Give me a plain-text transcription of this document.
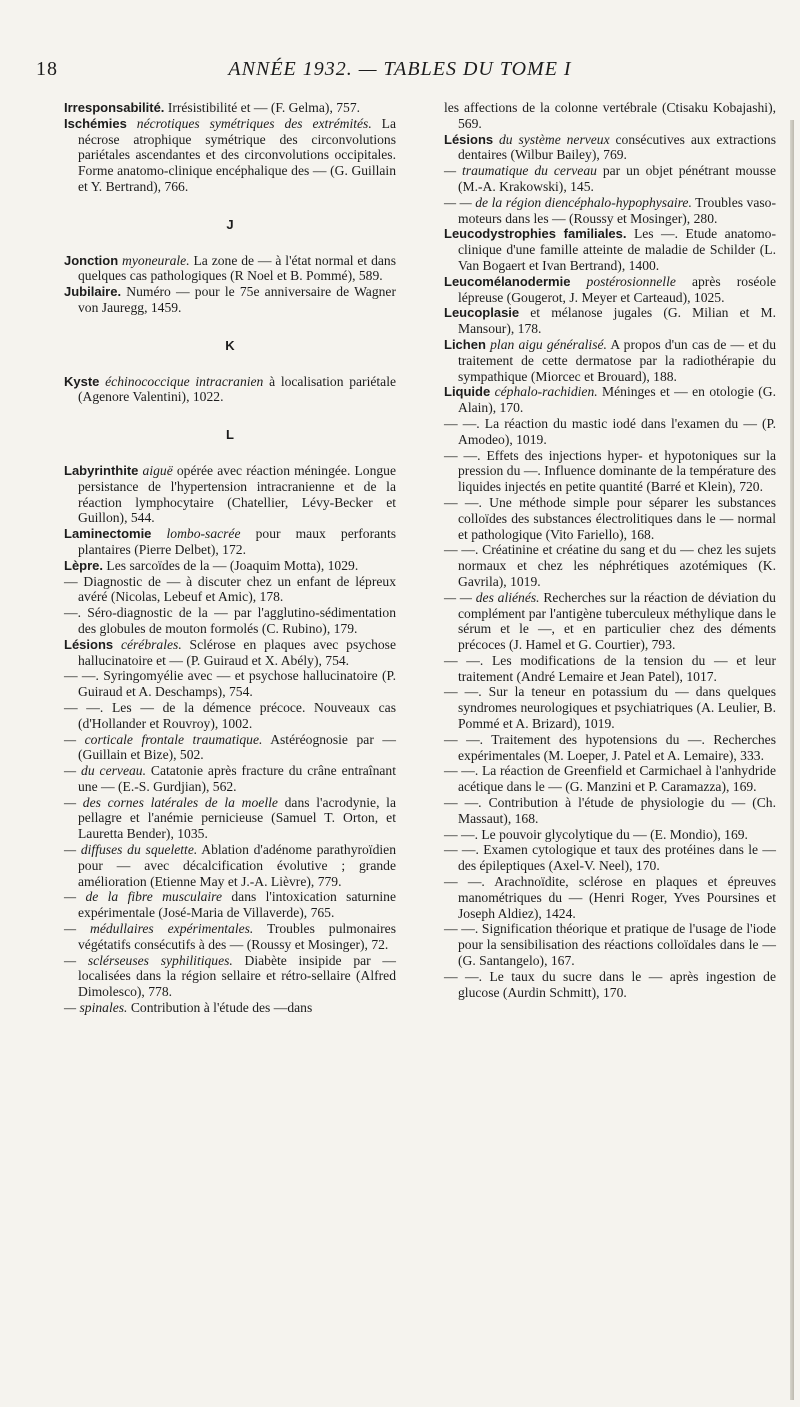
18	ANNÉE 1932. — TABLES DU TOME I

Irresponsabilité. Irrésistibilité et — (F. Gelma), 757.

Ischémies nécrotiques symétriques des extrémités. La nécrose atrophique symétrique des circonvolutions pariétales ascendantes et des circonvolutions occipitales. Forme anatomo-clinique encéphalique des — (G. Guillain et Y. Bertrand), 766.

J

Jonction myoneurale. La zone de — à l'état normal et dans quelques cas pathologiques (R Noel et B. Pommé), 589.

Jubilaire. Numéro — pour le 75e anniversaire de Wagner von Jauregg, 1459.

K

Kyste échinococcique intracranien à localisation pariétale (Agenore Valentini), 1022.

L

Labyrinthite aiguë opérée avec réaction méningée. Longue persistance de l'hypertension intracranienne et de la réaction lymphocytaire (Chatellier, Lévy-Becker et Guillon), 544.

Laminectomie lombo-sacrée pour maux perforants plantaires (Pierre Delbet), 172.

Lèpre. Les sarcoïdes de la — (Joaquim Motta), 1029.

— Diagnostic de — à discuter chez un enfant de lépreux avéré (Nicolas, Lebeuf et Amic), 178.

—. Séro-diagnostic de la — par l'agglutino-sédimentation des globules de mouton formolés (C. Rubino), 179.

Lésions cérébrales. Sclérose en plaques avec psychose hallucinatoire et — (P. Guiraud et X. Abély), 754.

— —. Syringomyélie avec — et psychose hallucinatoire (P. Guiraud et A. Deschamps), 754.

— —. Les — de la démence précoce. Nouveaux cas (d'Hollander et Rouvroy), 1002.

— corticale frontale traumatique. Astéréognosie par — (Guillain et Bize), 502.

— du cerveau. Catatonie après fracture du crâne entraînant une — (E.-S. Gurdjian), 562.

— des cornes latérales de la moelle dans l'acrodynie, la pellagre et l'anémie pernicieuse (Samuel T. Orton, et Lauretta Bender), 1035.

— diffuses du squelette. Ablation d'adénome parathyroïdien pour — avec décalcification évolutive ; grande amélioration (Etienne May et J.-A. Lièvre), 779.

— de la fibre musculaire dans l'intoxication saturnine expérimentale (José-Maria de Villaverde), 765.

— médullaires expérimentales. Troubles pulmonaires végétatifs consécutifs à des — (Roussy et Mosinger), 72.

— sclérseuses syphilitiques. Diabète insipide par — localisées dans la région sellaire et rétro-sellaire (Alfred Dimolesco), 778.

— spinales. Contribution à l'étude des —dans

les affections de la colonne vertébrale (Ctisaku Kobajashi), 569.

Lésions du système nerveux consécutives aux extractions dentaires (Wilbur Bailey), 769.

— traumatique du cerveau par un objet pénétrant mousse (M.-A. Krakowski), 145.

— — de la région diencéphalo-hypophysaire. Troubles vaso-moteurs dans les — (Roussy et Mosinger), 280.

Leucodystrophies familiales. Les —. Etude anatomo-clinique d'une famille atteinte de maladie de Schilder (L. Van Bogaert et Ivan Bertrand), 1400.

Leucomélanodermie postérosionnelle après roséole lépreuse (Gougerot, J. Meyer et Carteaud), 1025.

Leucoplasie et mélanose jugales (G. Milian et M. Mansour), 178.

Lichen plan aigu généralisé. A propos d'un cas de — et du traitement de cette dermatose par la radiothérapie du sympathique (Miorcec et Brouard), 188.

Liquide céphalo-rachidien. Méninges et — en otologie (G. Alain), 170.

— —. La réaction du mastic iodé dans l'examen du — (P. Amodeo), 1019.

— —. Effets des injections hyper- et hypotoniques sur la pression du —. Influence dominante de la température des liquides injectés en petite quantité (Barré et Klein), 720.

— —. Une méthode simple pour séparer les substances colloïdes des substances électrolitiques dans le — normal et pathologique (Vito Fariello), 168.

— —. Créatinine et créatine du sang et du — chez les sujets normaux et chez les néphrétiques azotémiques (K. Gavrila), 1019.

— — des aliénés. Recherches sur la réaction de déviation du complément par l'antigène tuberculeux méthylique dans le sérum et le —, et en particulier chez des déments précoces (J. Hamel et G. Courtier), 793.

— —. Les modifications de la tension du — et leur traitement (André Lemaire et Jean Patel), 1017.

— —. Sur la teneur en potassium du — dans quelques syndromes neurologiques et psychiatriques (A. Leulier, B. Pommé et A. Brizard), 1019.

— —. Traitement des hypotensions du —. Recherches expérimentales (M. Loeper, J. Patel et A. Lemaire), 333.

— —. La réaction de Greenfield et Carmichael à l'anhydride acétique dans le — (G. Manzini et P. Caramazza), 169.

— —. Contribution à l'étude de physiologie du — (Ch. Massaut), 168.

— —. Le pouvoir glycolytique du — (E. Mondio), 169.

— —. Examen cytologique et taux des protéines dans le — des épileptiques (Axel-V. Neel), 170.

— —. Arachnoïdite, sclérose en plaques et épreuves manométriques du — (Henri Roger, Yves Poursines et Joseph Aldiez), 1424.

— —. Signification théorique et pratique de l'usage de l'iode pour la sensibilisation des réactions colloïdales dans le — (G. Santangelo), 167.

— —. Le taux du sucre dans le — après ingestion de glucose (Aurdin Schmitt), 170.
